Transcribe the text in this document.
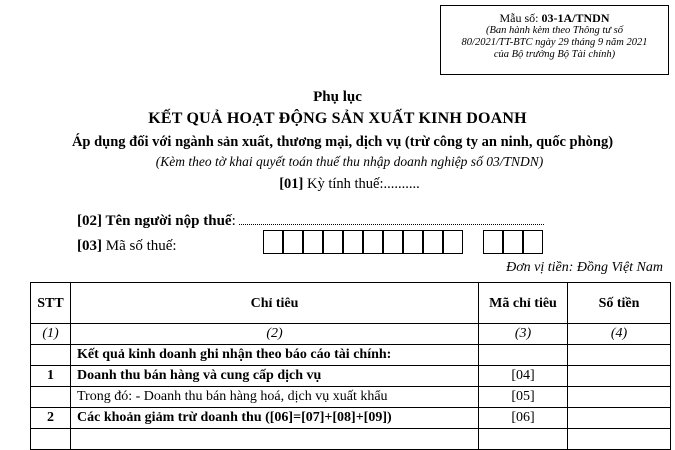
Mẫu số: 03-1A/TNDN
(Ban hành kèm theo Thông tư số
80/2021/TT-BTC ngày 29 tháng 9 năm 2021
của Bộ trưởng Bộ Tài chính)
Phụ lục
KẾT QUẢ HOẠT ĐỘNG SẢN XUẤT KINH DOANH
Áp dụng đối với ngành sản xuất, thương mại, dịch vụ (trừ công ty an ninh, quốc phòng)
(Kèm theo tờ khai quyết toán thuế thu nhập doanh nghiệp số 03/TNDN)
[01] Kỳ tính thuế:..........
[02] Tên người nộp thuế:
[03] Mã số thuế:
Đơn vị tiền: Đồng Việt Nam
STT	Chỉ tiêu	Mã chỉ tiêu	Số tiền
(1)	(2)	(3)	(4)
	Kết quả kinh doanh ghi nhận theo báo cáo tài chính:		
1	Doanh thu bán hàng và cung cấp dịch vụ	[04]	
	Trong đó: - Doanh thu bán hàng hoá, dịch vụ xuất khẩu	[05]	
2	Các khoản giảm trừ doanh thu ([06]=[07]+[08]+[09])	[06]	
